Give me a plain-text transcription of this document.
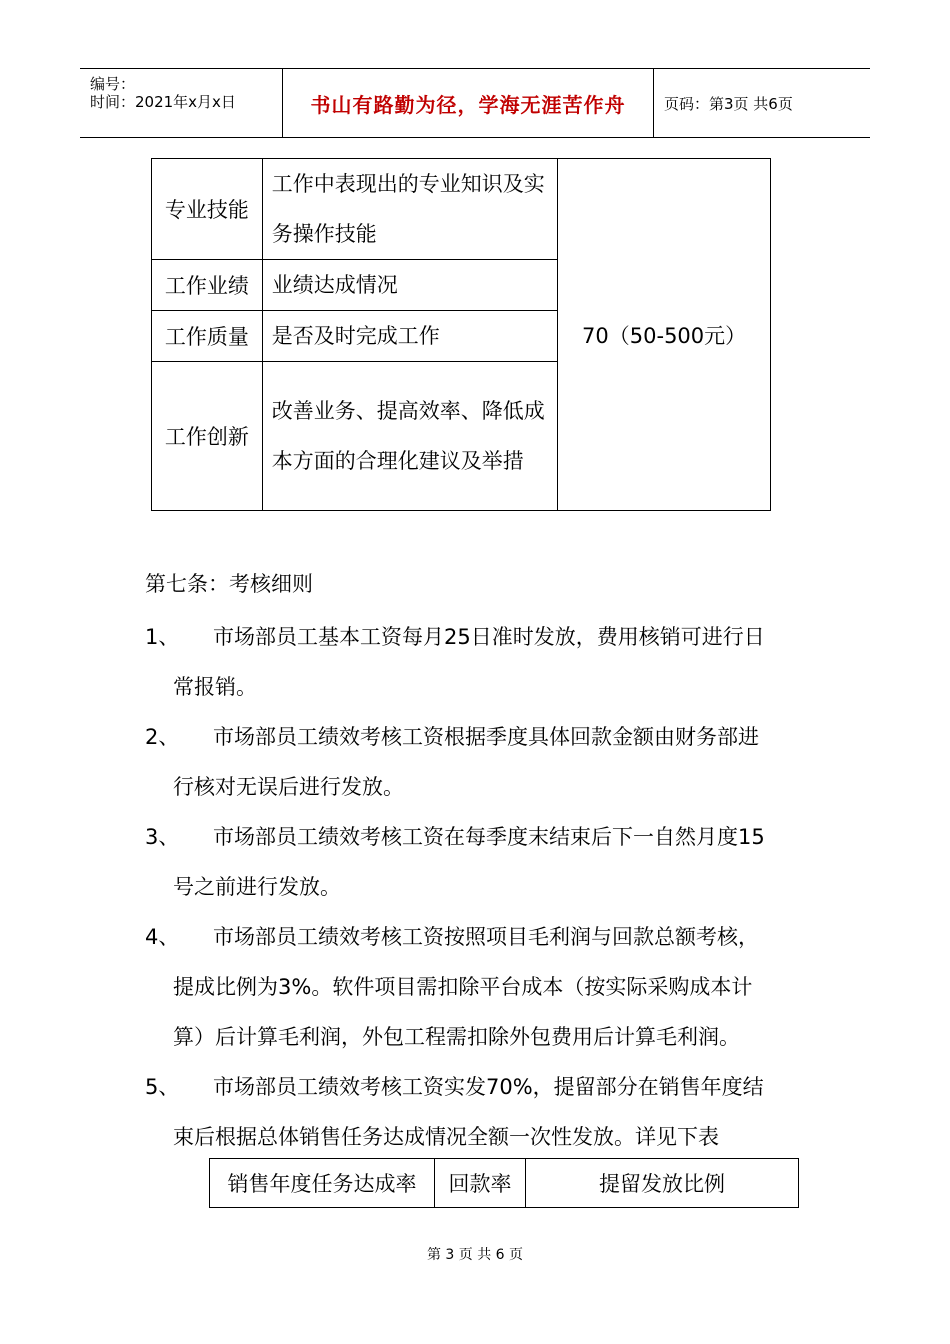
编号：
时间：2021年x月x日	书山有路勤为径，学海无涯苦作舟	页码：第3页 共6页
专业技能	工作中表现出的专业知识及实务操作技能	70（50-500元）
工作业绩	业绩达成情况	
工作质量	是否及时完成工作	
工作创新	改善业务、提高效率、降低成本方面的合理化建议及举措	
第七条：考核细则
1、 市场部员工基本工资每月25日准时发放，费用核销可进行日
常报销。
2、 市场部员工绩效考核工资根据季度具体回款金额由财务部进
行核对无误后进行发放。
3、 市场部员工绩效考核工资在每季度末结束后下一自然月度15
号之前进行发放。
4、 市场部员工绩效考核工资按照项目毛利润与回款总额考核，
提成比例为3%。软件项目需扣除平台成本（按实际采购成本计
算）后计算毛利润，外包工程需扣除外包费用后计算毛利润。
5、 市场部员工绩效考核工资实发70%，提留部分在销售年度结
束后根据总体销售任务达成情况全额一次性发放。详见下表
销售年度任务达成率	回款率	提留发放比例
第 3 页 共 6 页
